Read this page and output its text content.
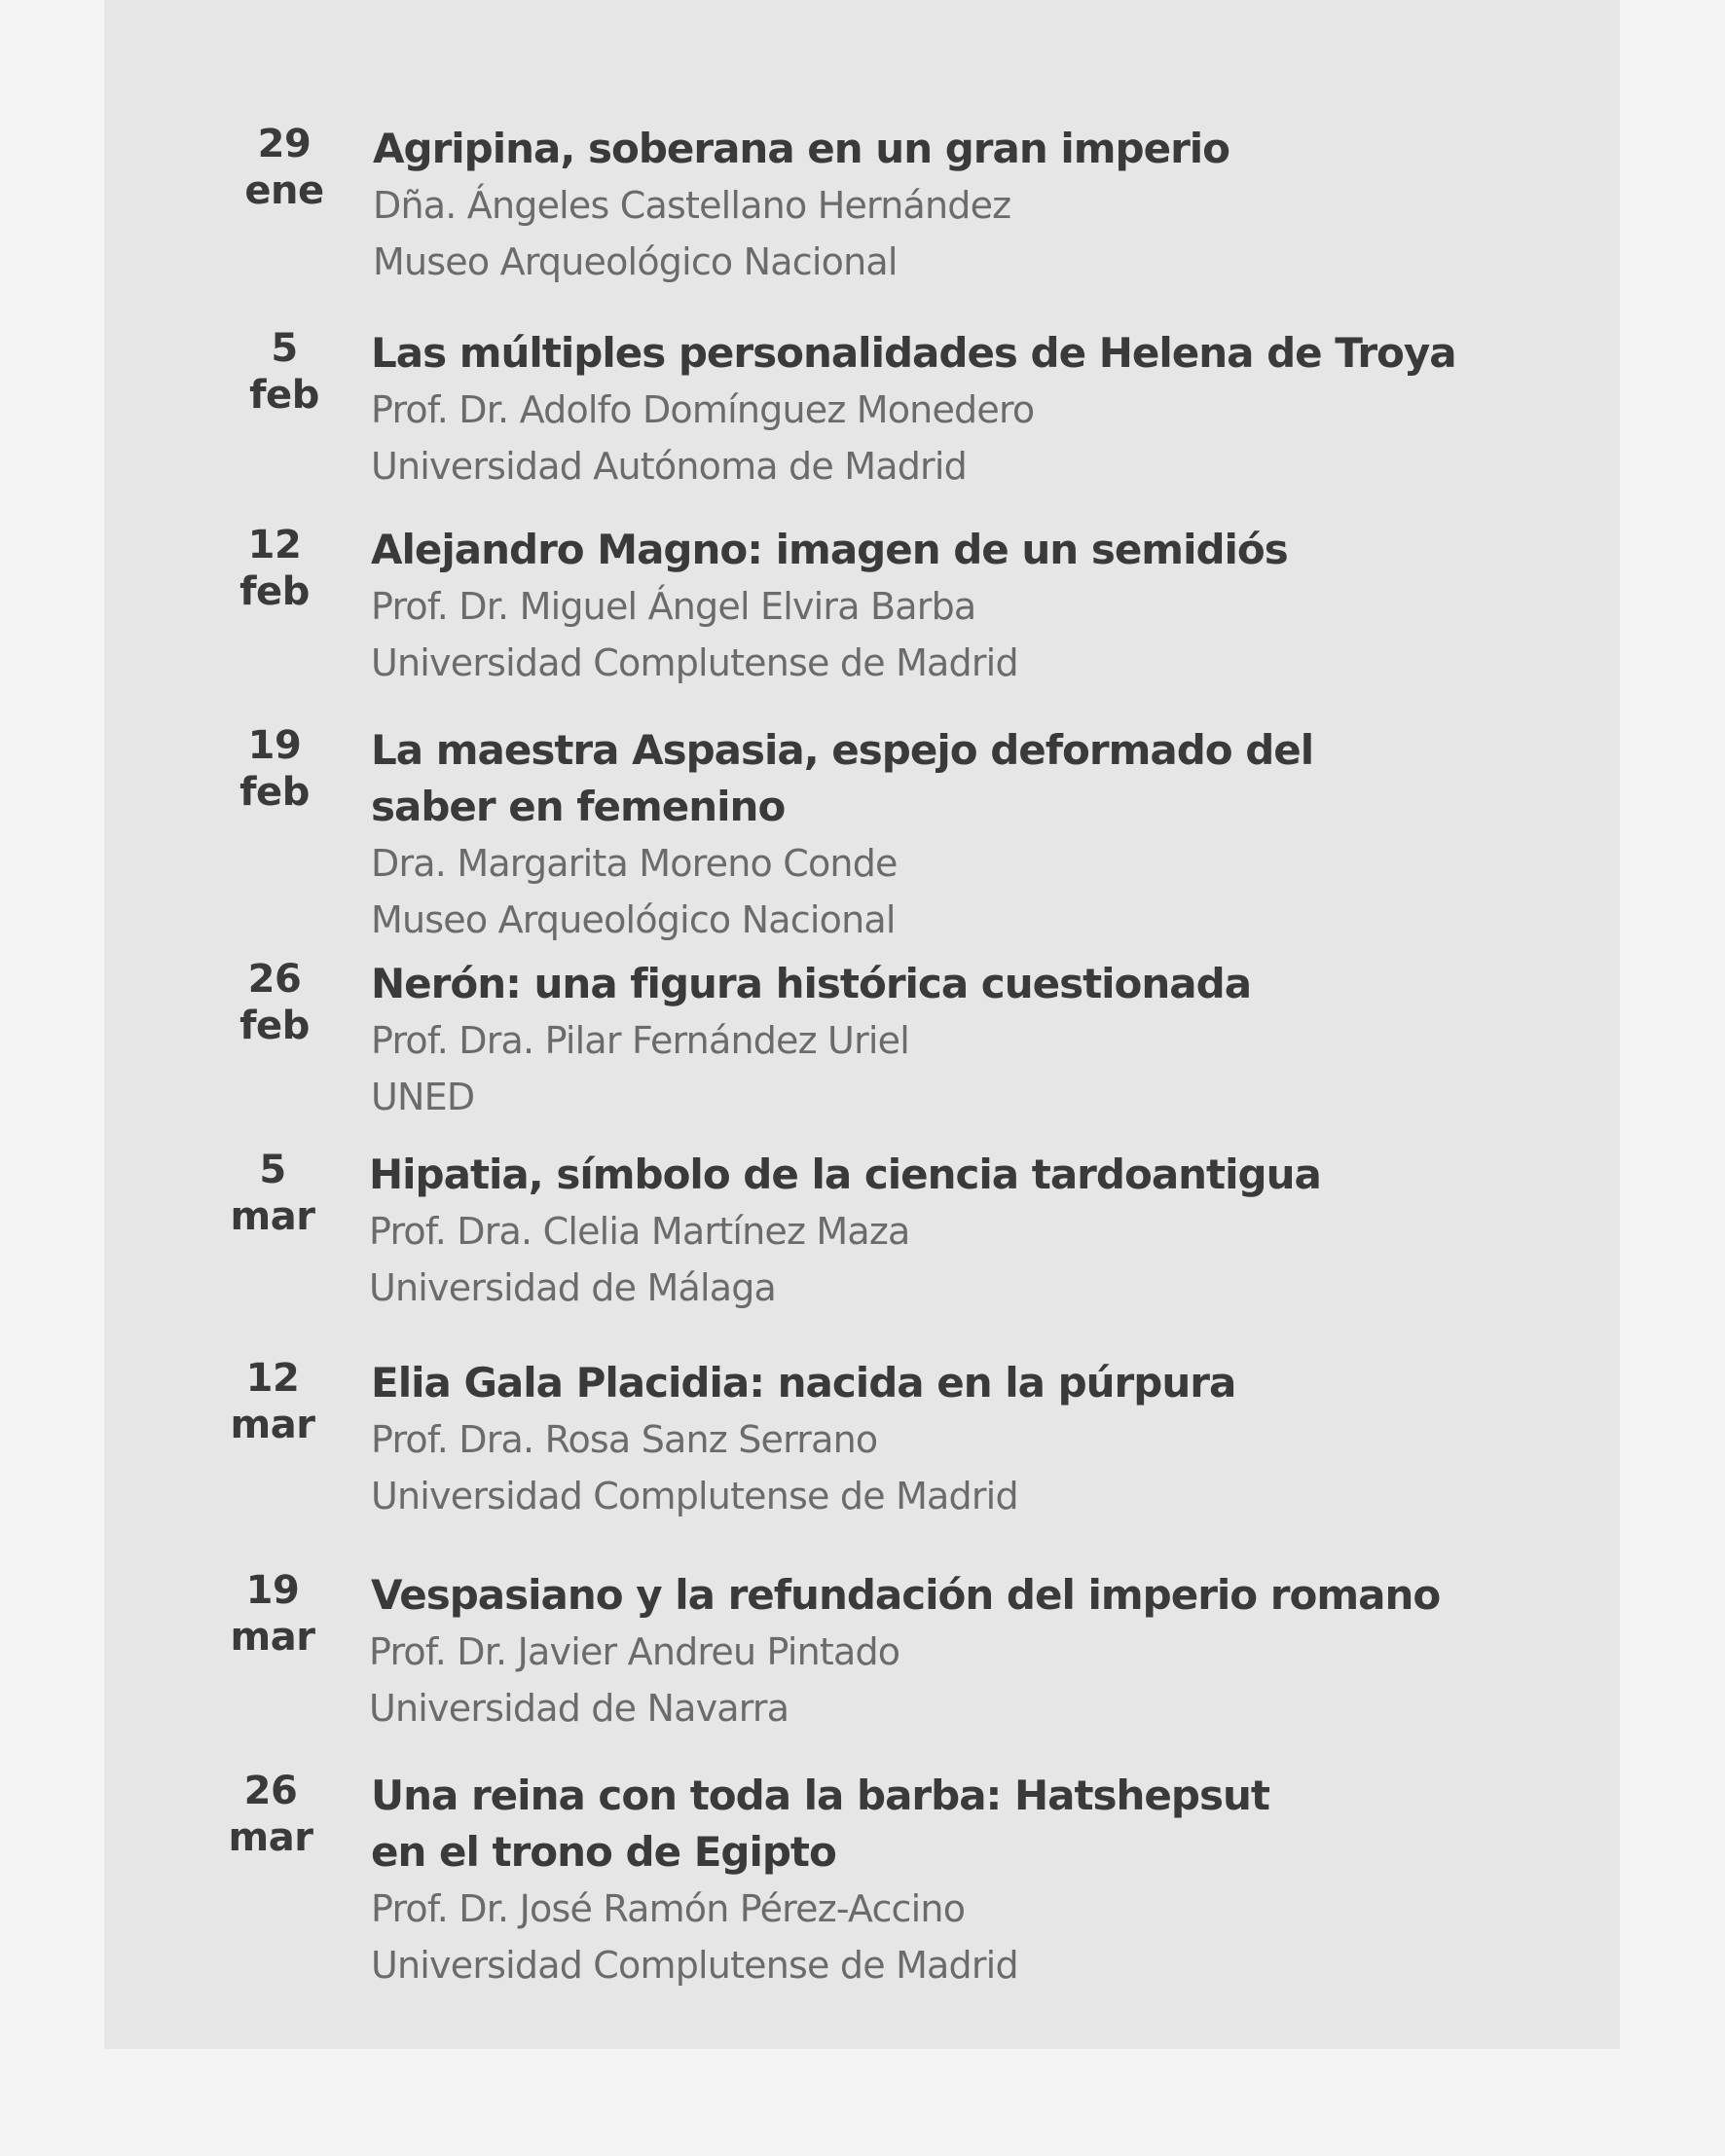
29
ene
Agripina, soberana en un gran imperio
Dña. Ángeles Castellano Hernández
Museo Arqueológico Nacional
5
feb
Las múltiples personalidades de Helena de Troya
Prof. Dr. Adolfo Domínguez Monedero
Universidad Autónoma de Madrid
12
feb
Alejandro Magno: imagen de un semidiós
Prof. Dr. Miguel Ángel Elvira Barba
Universidad Complutense de Madrid
19
feb
La maestra Aspasia, espejo deformado del
saber en femenino
Dra. Margarita Moreno Conde
Museo Arqueológico Nacional
26
feb
Nerón: una figura histórica cuestionada
Prof. Dra. Pilar Fernández Uriel
UNED
5
mar
Hipatia, símbolo de la ciencia tardoantigua
Prof. Dra. Clelia Martínez Maza
Universidad de Málaga
12
mar
Elia Gala Placidia: nacida en la púrpura
Prof. Dra. Rosa Sanz Serrano
Universidad Complutense de Madrid
19
mar
Vespasiano y la refundación del imperio romano
Prof. Dr. Javier Andreu Pintado
Universidad de Navarra
26
mar
Una reina con toda la barba: Hatshepsut
en el trono de Egipto
Prof. Dr. José Ramón Pérez-Accino
Universidad Complutense de Madrid
